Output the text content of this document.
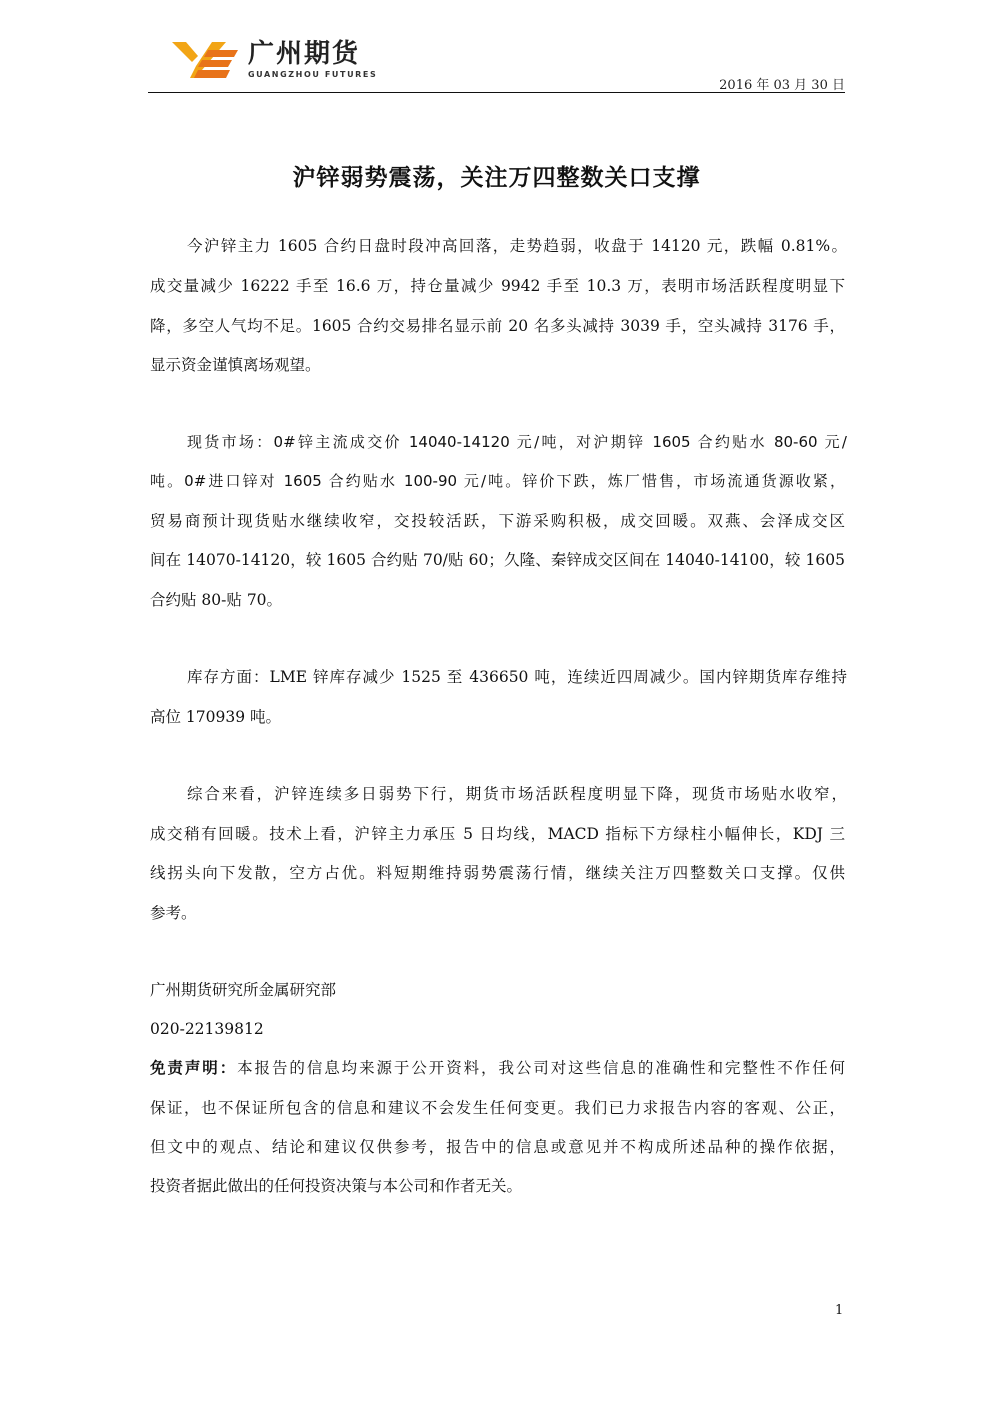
广州期货
GUANGZHOU FUTURES
2016 年 03 月 30 日
沪锌弱势震荡，关注万四整数关口支撑
今沪锌主力 1605 合约日盘时段冲高回落，走势趋弱，收盘于 14120 元，跌幅 0.81%。
成交量减少 16222 手至 16.6 万，持仓量减少 9942 手至 10.3 万，表明市场活跃程度明显下
降，多空人气均不足。1605 合约交易排名显示前 20 名多头减持 3039 手，空头减持 3176 手，
显示资金谨慎离场观望。
现货市场：0#锌主流成交价 14040-14120 元/吨，对沪期锌 1605 合约贴水 80-60 元/
吨。0#进口锌对 1605 合约贴水 100-90 元/吨。锌价下跌，炼厂惜售，市场流通货源收紧，
贸易商预计现货贴水继续收窄，交投较活跃，下游采购积极，成交回暖。双燕、会泽成交区
间在 14070-14120，较 1605 合约贴 70/贴 60；久隆、秦锌成交区间在 14040-14100，较 1605
合约贴 80-贴 70。
库存方面：LME 锌库存减少 1525 至 436650 吨，连续近四周减少。国内锌期货库存维持
高位 170939 吨。
综合来看，沪锌连续多日弱势下行，期货市场活跃程度明显下降，现货市场贴水收窄，
成交稍有回暖。技术上看，沪锌主力承压 5 日均线，MACD 指标下方绿柱小幅伸长，KDJ 三
线拐头向下发散，空方占优。料短期维持弱势震荡行情，继续关注万四整数关口支撑。仅供
参考。
广州期货研究所金属研究部
020-22139812
免责声明：本报告的信息均来源于公开资料，我公司对这些信息的准确性和完整性不作任何
保证，也不保证所包含的信息和建议不会发生任何变更。我们已力求报告内容的客观、公正，
但文中的观点、结论和建议仅供参考，报告中的信息或意见并不构成所述品种的操作依据，
投资者据此做出的任何投资决策与本公司和作者无关。
1
